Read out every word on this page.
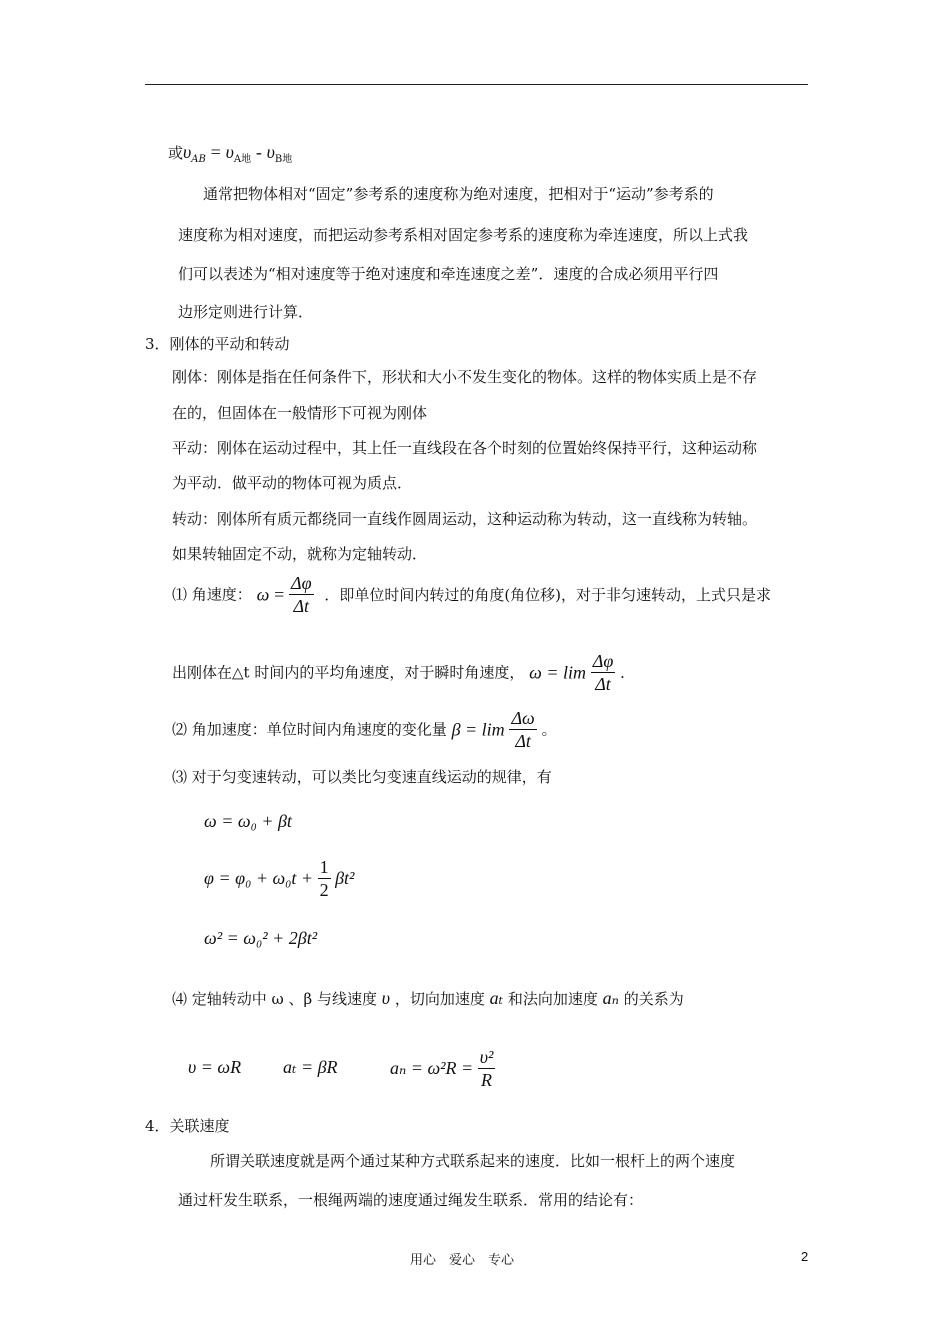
或$\upsilon_{AB} = \upsilon_{A地} - \upsilon_{B地}$
通常把物体相对“固定”参考系的速度称为绝对速度，把相对于“运动”参考系的
速度称为相对速度，而把运动参考系相对固定参考系的速度称为牵连速度，所以上式我
们可以表述为“相对速度等于绝对速度和牵连速度之差”．速度的合成必须用平行四
边形定则进行计算．
3．刚体的平动和转动
刚体：刚体是指在任何条件下，形状和大小不发生变化的物体。这样的物体实质上是不存
在的，但固体在一般情形下可视为刚体
平动：刚体在运动过程中，其上任一直线段在各个时刻的位置始终保持平行，这种运动称
为平动．做平动的物体可视为质点．
转动：刚体所有质元都绕同一直线作圆周运动，这种运动称为转动，这一直线称为转轴。
如果转轴固定不动，就称为定轴转动．
⑴ 角速度： $\omega = \frac{\Delta\varphi}{\Delta t}$ ．即单位时间内转过的角度(角位移)，对于非匀速转动，上式只是求
出刚体在△t 时间内的平均角速度，对于瞬时角速度， $\omega = \lim \frac{\Delta\varphi}{\Delta t}$ ．
⑵ 角加速度：单位时间内角速度的变化量 $\beta = \lim \frac{\Delta\omega}{\Delta t}$ 。
⑶ 对于匀变速转动，可以类比匀变速直线运动的规律，有
ω = ω₀ + βt
$\varphi = \varphi_0 + \omega_0t + \frac{1}{2} \beta t^2$
ω² = ω₀² + 2βt²
⑷ 定轴转动中 ω 、β 与线速度 υ ，切向加速度 aₜ 和法向加速度 aₙ 的关系为
υ = ωR aₜ = βR	$a_n = \omega^2R = \frac{\text{υ²}}{R}$
4．关联速度
所谓关联速度就是两个通过某种方式联系起来的速度．比如一根杆上的两个速度
通过杆发生联系，一根绳两端的速度通过绳发生联系．常用的结论有：
用心　爱心　专心	2
